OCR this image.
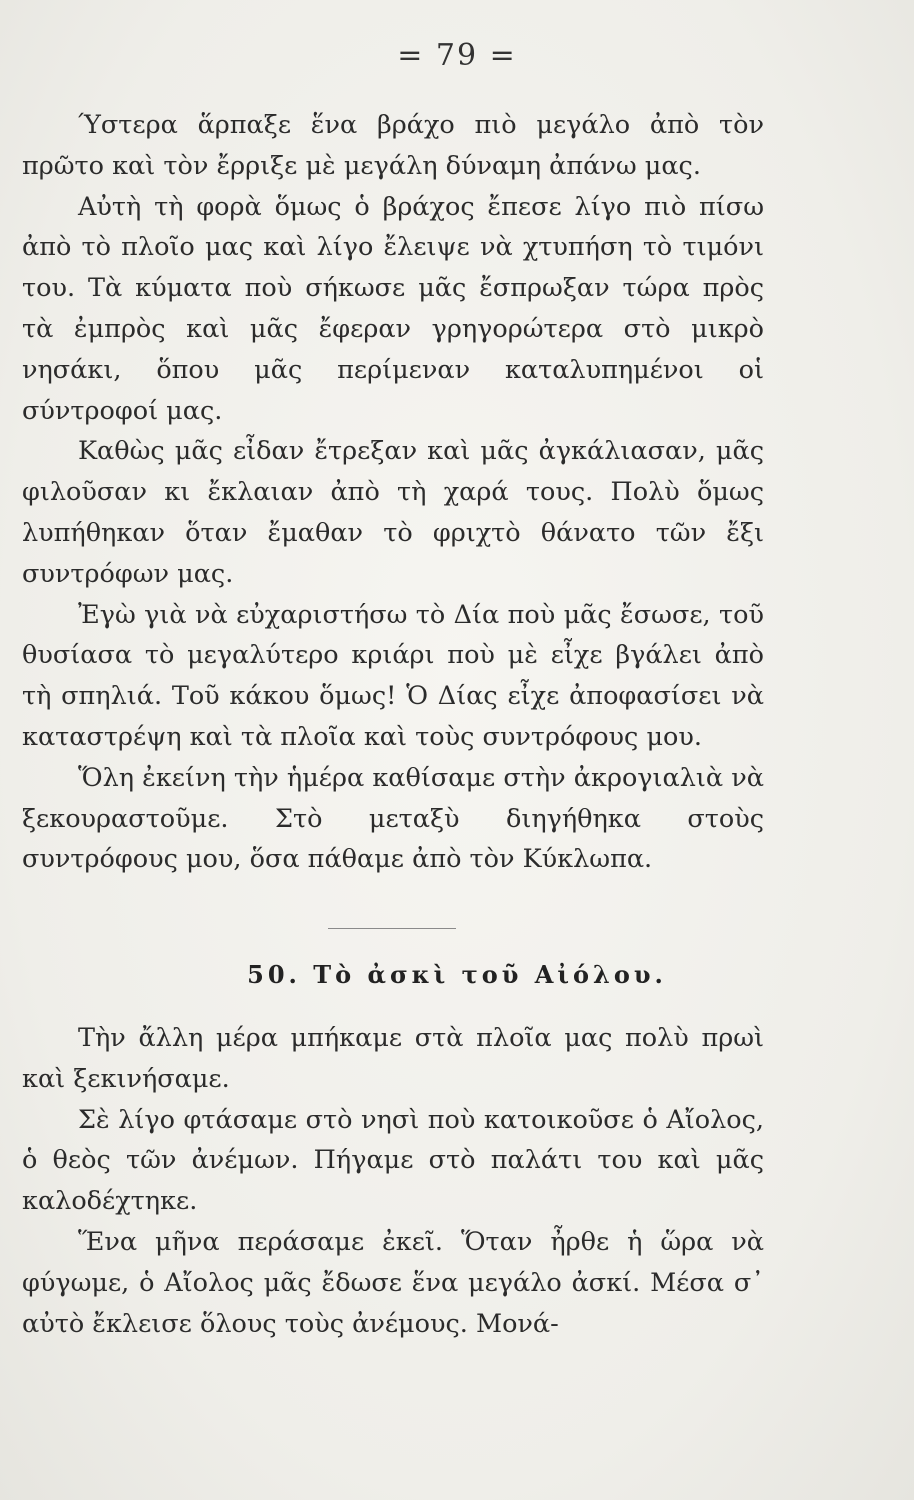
= 79 =

Ύστερα ἅρπαξε ἕνα βράχο πιὸ μεγάλο ἀπὸ τὸν πρῶτο καὶ τὸν ἔρριξε μὲ μεγάλη δύναμη ἀπάνω μας.

Αὐτὴ τὴ φορὰ ὅμως ὁ βράχος ἔπεσε λίγο πιὸ πίσω ἀπὸ τὸ πλοῖο μας καὶ λίγο ἔλειψε νὰ χτυπήση τὸ τιμόνι του. Τὰ κύματα ποὺ σήκωσε μᾶς ἔσπρωξαν τώρα πρὸς τὰ ἐμπρὸς καὶ μᾶς ἔφεραν γρηγορώτερα στὸ μικρὸ νησάκι, ὅπου μᾶς περίμεναν καταλυπημένοι οἱ σύντροφοί μας.

Καθὼς μᾶς εἶδαν ἔτρεξαν καὶ μᾶς ἀγκάλιασαν, μᾶς φιλοῦσαν κι ἔκλαιαν ἀπὸ τὴ χαρά τους. Πολὺ ὅμως λυπήθηκαν ὅταν ἔμαθαν τὸ φριχτὸ θάνατο τῶν ἔξι συντρόφων μας.

Ἐγὼ γιὰ νὰ εὐχαριστήσω τὸ Δία ποὺ μᾶς ἔσωσε, τοῦ θυσίασα τὸ μεγαλύτερο κριάρι ποὺ μὲ εἶχε βγάλει ἀπὸ τὴ σπηλιά. Τοῦ κάκου ὅμως! Ὁ Δίας εἶχε ἀποφασίσει νὰ καταστρέψη καὶ τὰ πλοῖα καὶ τοὺς συντρόφους μου.

Ὅλη ἐκείνη τὴν ἡμέρα καθίσαμε στὴν ἀκρογιαλιὰ νὰ ξεκουραστοῦμε. Στὸ μεταξὺ διηγήθηκα στοὺς συντρόφους μου, ὅσα πάθαμε ἀπὸ τὸν Κύκλωπα.

50. Τὸ ἀσκὶ τοῦ Αἰόλου.

Τὴν ἄλλη μέρα μπήκαμε στὰ πλοῖα μας πολὺ πρωὶ καὶ ξεκινήσαμε.

Σὲ λίγο φτάσαμε στὸ νησὶ ποὺ κατοικοῦσε ὁ Αἴολος, ὁ θεὸς τῶν ἀνέμων. Πήγαμε στὸ παλάτι του καὶ μᾶς καλοδέχτηκε.

Ἕνα μῆνα περάσαμε ἐκεῖ. Ὅταν ἦρθε ἡ ὥρα νὰ φύγωμε, ὁ Αἴολος μᾶς ἔδωσε ἕνα μεγάλο ἀσκί. Μέσα σ᾽ αὐτὸ ἔκλεισε ὅλους τοὺς ἀνέμους. Μονά-
